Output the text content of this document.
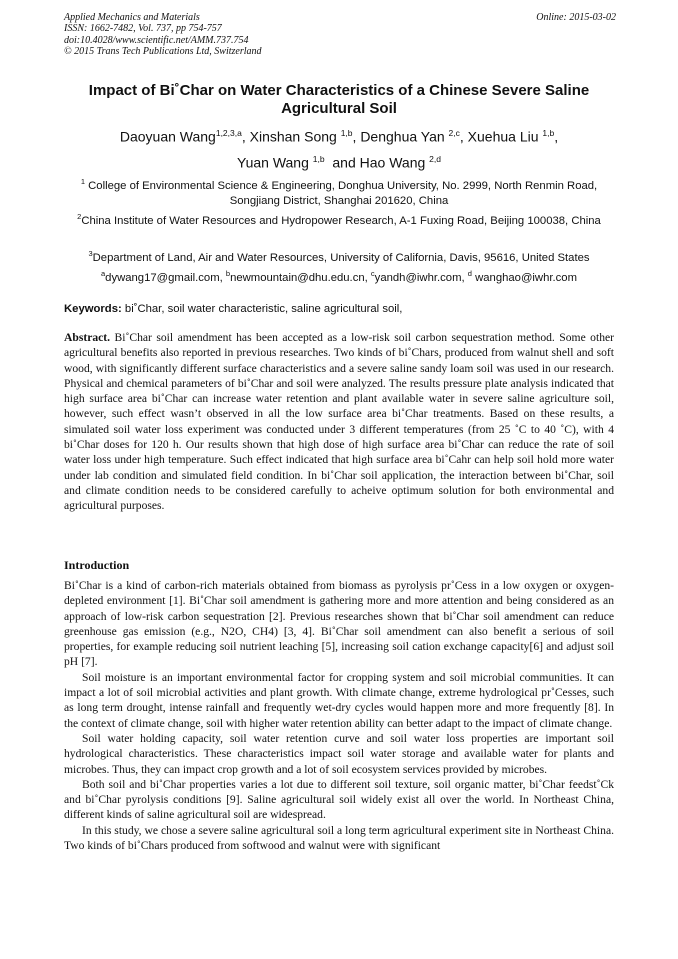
Applied Mechanics and Materials
ISSN: 1662-7482, Vol. 737, pp 754-757
doi:10.4028/www.scientific.net/AMM.737.754
© 2015 Trans Tech Publications Ltd, Switzerland
Online: 2015-03-02
Impact of Bi˚Char on Water Characteristics of a Chinese Severe Saline Agricultural Soil
Daoyuan Wang$^{1,2,3,a}$, Xinshan Song $^{1,b}$, Denghua Yan $^{2,c}$, Xuehua Liu $^{1,b}$,
Yuan Wang $^{1,b}$ and Hao Wang $^{2,d}$
$^1$ College of Environmental Science & Engineering, Donghua University, No. 2999, North Renmin Road, Songjiang District, Shanghai 201620, China
$^2$China Institute of Water Resources and Hydropower Research, A-1 Fuxing Road, Beijing 100038, China
$^3$Department of Land, Air and Water Resources, University of California, Davis, 95616, United States
$^a$dywang17@gmail.com, $^b$newmountain@dhu.edu.cn, $^c$yandh@iwhr.com, $^d$ wanghao@iwhr.com
Keywords: bi˚Char, soil water characteristic, saline agricultural soil,
Abstract. Bi˚Char soil amendment has been accepted as a low-risk soil carbon sequestration method. Some other agricultural benefits also reported in previous researches. Two kinds of bi˚Chars, produced from walnut shell and soft wood, with significantly different surface characteristics and a severe saline sandy loam soil was used in our research. Physical and chemical parameters of bi˚Char and soil were analyzed. The results pressure plate analysis indicated that high surface area bi˚Char can increase water retention and plant available water in severe saline agriculture soil, however, such effect wasn’t observed in all the low surface area bi˚Char treatments. Based on these results, a simulated soil water loss experiment was conducted under 3 different temperatures (from 25 ˚C to 40 ˚C), with 4 bi˚Char doses for 120 h. Our results shown that high dose of high surface area bi˚Char can reduce the rate of soil water loss under high temperature. Such effect indicated that high surface area bi˚Cahr can help soil hold more water under lab condition and simulated field condition. In bi˚Char soil application, the interaction between bi˚Char, soil and climate condition needs to be considered carefully to acheive optimum solution for both environmental and agricultural purposes.
Introduction

Bi˚Char is a kind of carbon-rich materials obtained from biomass as pyrolysis pr˚Cess in a low oxygen or oxygen-depleted environment [1]. Bi˚Char soil amendment is gathering more and more attention and being considered as an approach of low-risk carbon sequestration [2]. Previous researches shown that bi˚Char soil amendment can reduce greenhouse gas emission (e.g., N2O, CH4) [3, 4]. Bi˚Char soil amendment can also benefit a serious of soil properties, for example reducing soil nutrient leaching [5], increasing soil cation exchange capacity[6] and adjust soil pH [7].

Soil moisture is an important environmental factor for cropping system and soil microbial communities. It can impact a lot of soil microbial activities and plant growth. With climate change, extreme hydrological pr˚Cesses, such as long term drought, intense rainfall and frequently wet-dry cycles would happen more and more frequently [8]. In the context of climate change, soil with higher water retention ability can better adapt to the impact of climate change.

Soil water holding capacity, soil water retention curve and soil water loss properties are important soil hydrological characteristics. These characteristics impact soil water storage and available water for plants and microbes. Thus, they can impact crop growth and a lot of soil ecosystem services provided by microbes.

Both soil and bi˚Char properties varies a lot due to different soil texture, soil organic matter, bi˚Char feedst˚Ck and bi˚Char pyrolysis conditions [9]. Saline agricultural soil widely exist all over the world. In Northeast China, different kinds of saline agricultural soil are widespread.

In this study, we chose a severe saline agricultural soil a long term agricultural experiment site in Northeast China. Two kinds of bi˚Chars produced from softwood and walnut were with significant
